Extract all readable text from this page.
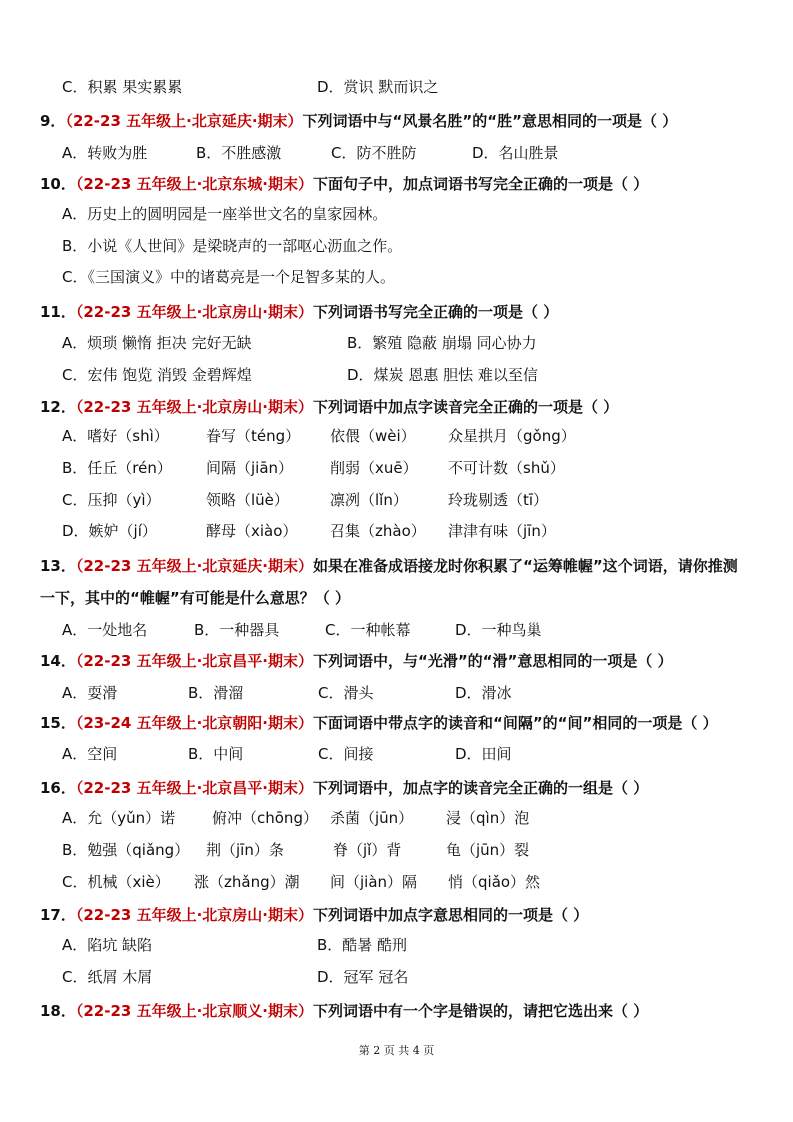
C．积累 果实累累	D．赏识 默而识之
9．（22-23 五年级上·北京延庆·期末）下列词语中与“风景名胜”的“胜”意思相同的一项是（ ）
A．转败为胜	B．不胜感激	C．防不胜防	D．名山胜景
10．（22-23 五年级上·北京东城·期末）下面句子中，加点词语书写完全正确的一项是（ ）
A．历史上的圆明园是一座举世文名的皇家园林。
B．小说《人世间》是梁晓声的一部呕心沥血之作。
C．《三国演义》中的诸葛亮是一个足智多某的人。
11．（22-23 五年级上·北京房山·期末）下列词语书写完全正确的一项是（ ）
A．烦琐 懒惰 拒决 完好无缺	B．繁殖 隐蔽 崩塌 同心协力
C．宏伟 饱览 消毁 金碧辉煌	D．煤炭 恩惠 胆怯 难以至信
12．（22-23 五年级上·北京房山·期末）下列词语中加点字读音完全正确的一项是（ ）
A．嗜好（shì） 眷写（téng） 依偎（wèi） 众星拱月（gǒng）
B．任丘（rén） 间隔（jiān） 削弱（xuē） 不可计数（shǔ）
C．压抑（yì）	领略（lüè）	凛冽（lǐn）	玲珑剔透（tī）
D．嫉妒（jí）	酵母（xiào） 召集（zhào） 津津有味（jīn）
13．（22-23 五年级上·北京延庆·期末）如果在准备成语接龙时你积累了“运筹帷幄”这个词语，请你推测
一下，其中的“帷幄”有可能是什么意思？（ ）
A．一处地名	B．一种器具	C．一种帐幕	D．一种鸟巢
14．（22-23 五年级上·北京昌平·期末）下列词语中，与“光滑”的“滑”意思相同的一项是（ ）
A．耍滑	B．滑溜	C．滑头	D．滑冰
15．（23-24 五年级上·北京朝阳·期末）下面词语中带点字的读音和“间隔”的“间”相同的一项是（ ）
A．空间	B．中间	C．间接	D．田间
16．（22-23 五年级上·北京昌平·期末）下列词语中，加点字的读音完全正确的一组是（ ）
A．允（yǔn）诺 俯冲（chōng） 杀菌（jūn） 浸（qìn）泡
B．勉强（qiǎng） 荆（jīn）条	脊（jǐ）背	龟（jūn）裂
C．机械（xiè） 涨（zhǎng）潮 间（jiàn）隔 悄（qiǎo）然
17．（22-23 五年级上·北京房山·期末）下列词语中加点字意思相同的一项是（ ）
A．陷坑 缺陷	B．酷暑 酷刑
C．纸屑 木屑	D．冠军 冠名
18．（22-23 五年级上·北京顺义·期末）下列词语中有一个字是错误的，请把它选出来（ ）
第 2 页 共 4 页
